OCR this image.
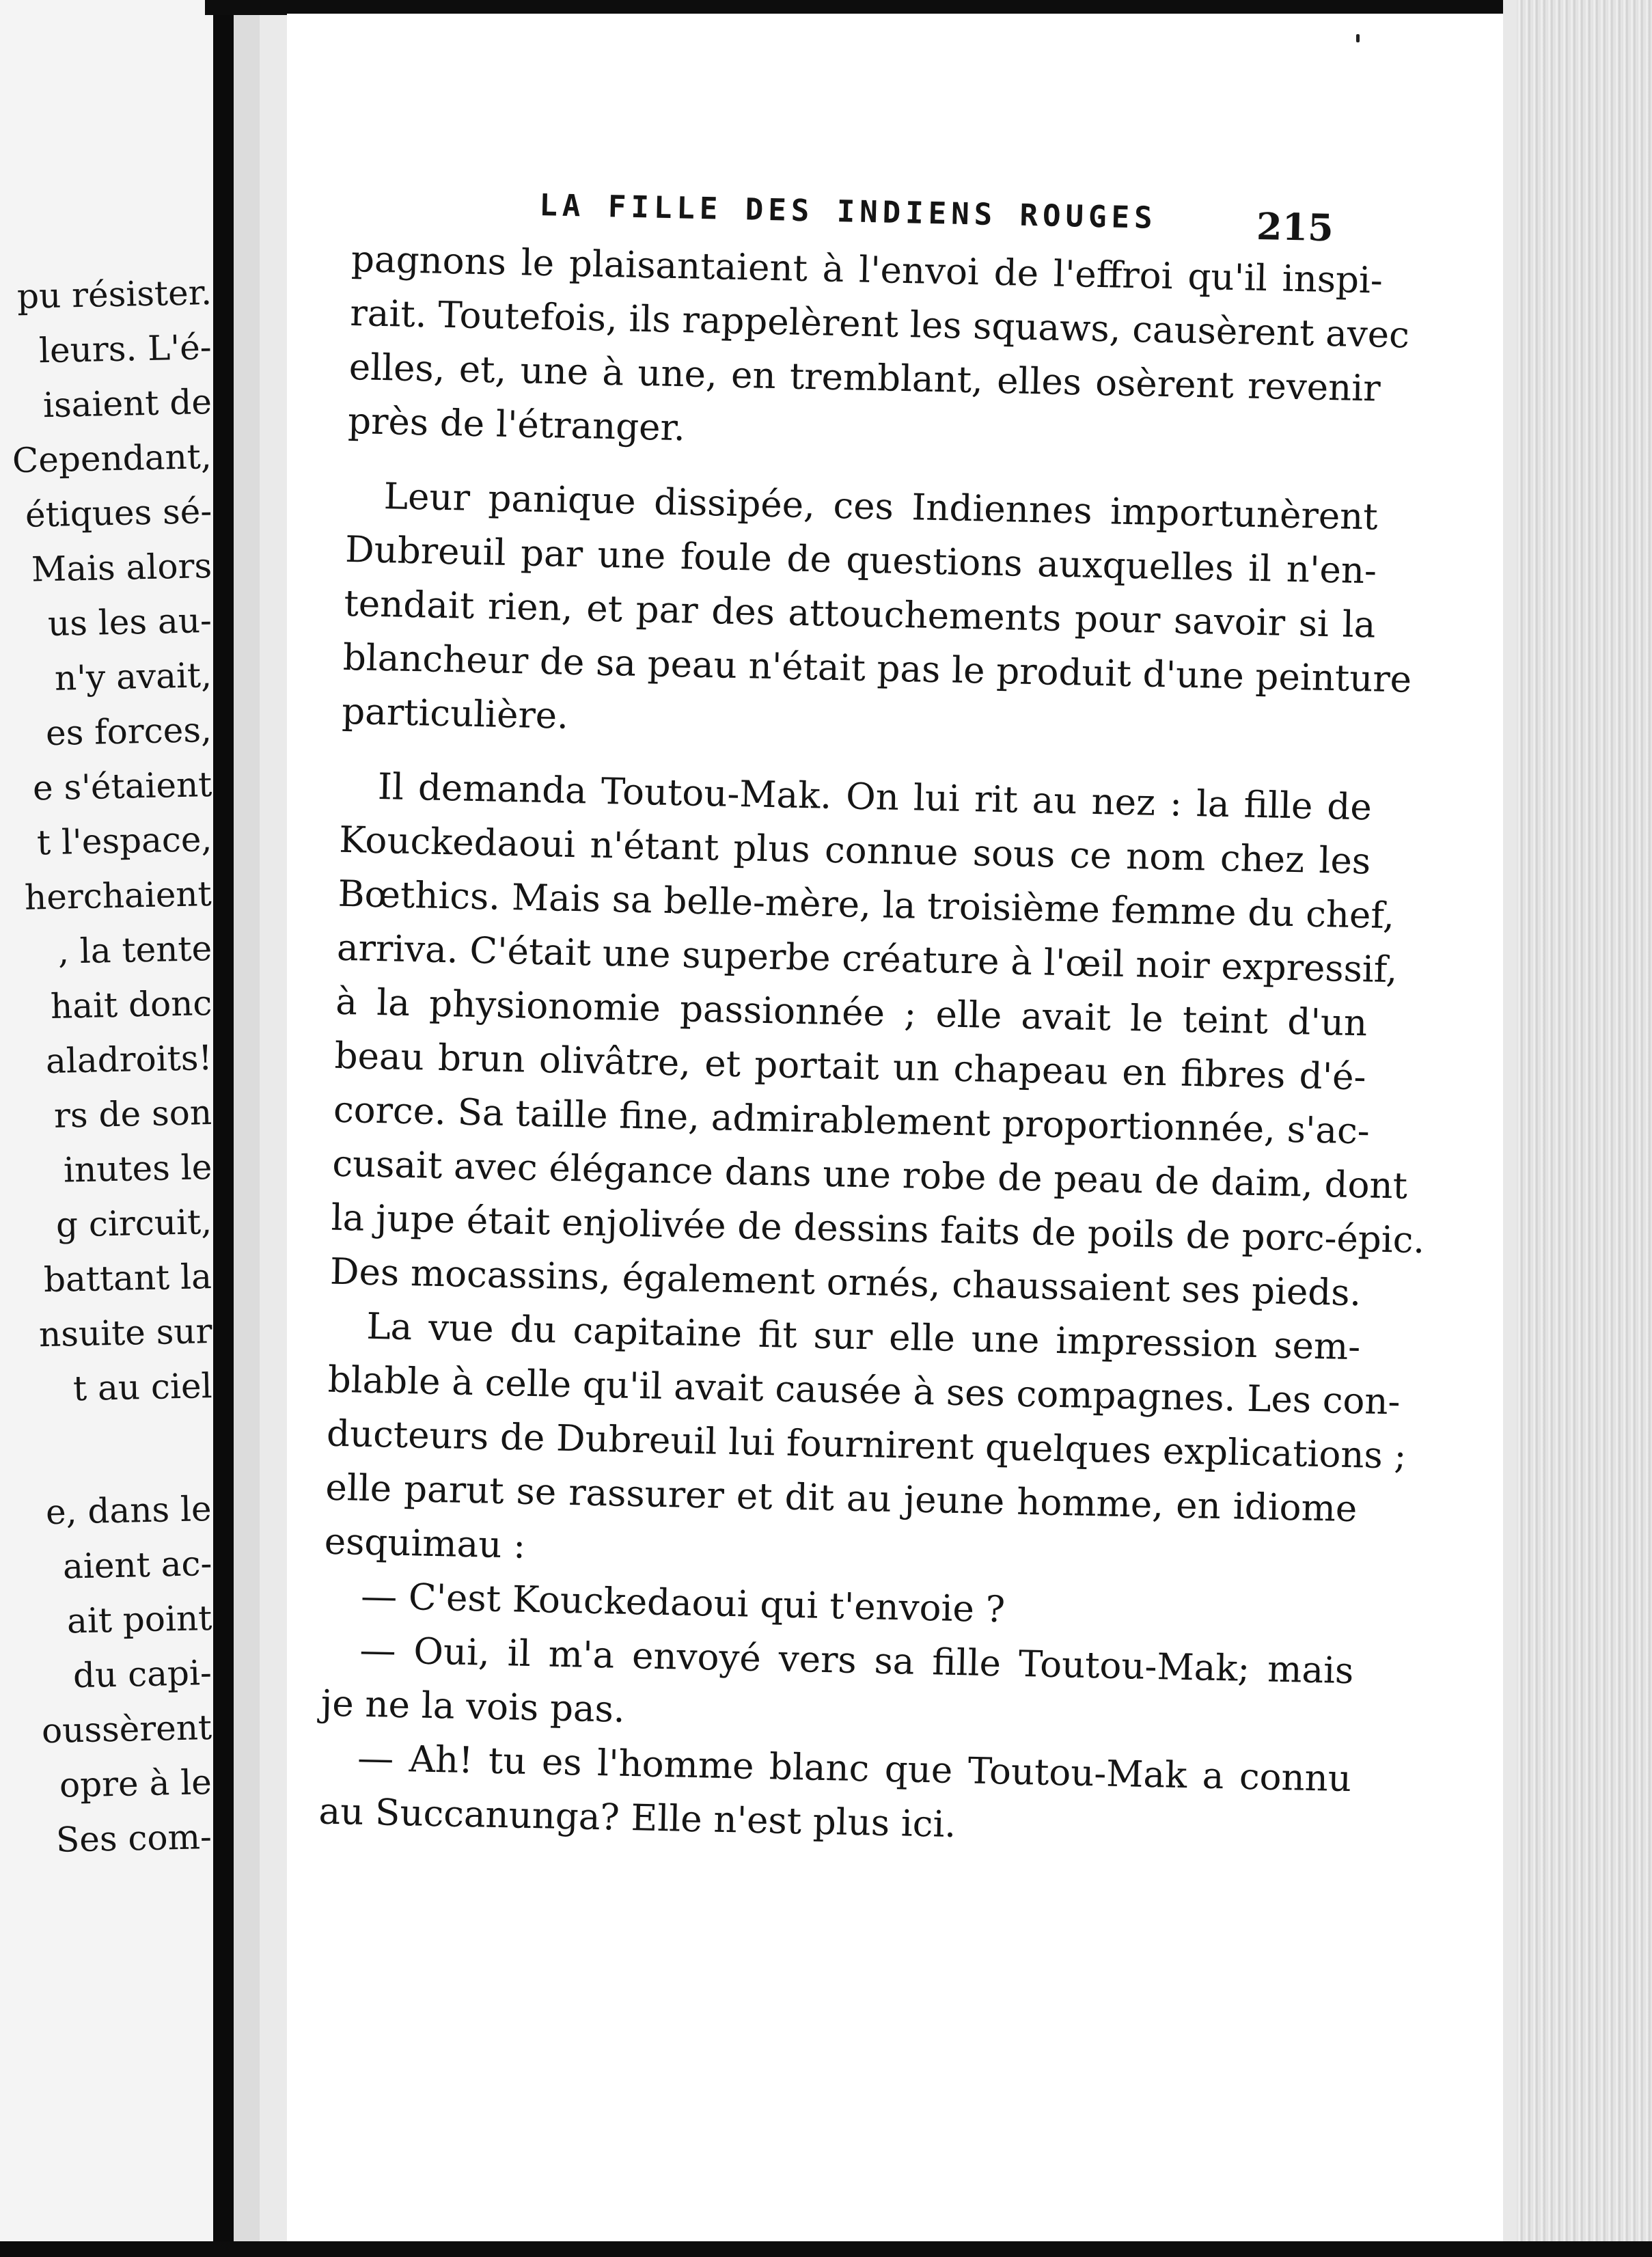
pu résister.
leurs. L'é-
isaient de
Cependant,
étiques sé-
Mais alors
us les au-
n'y avait,
es forces,
e s'étaient
t l'espace,
herchaient
, la tente
hait donc
aladroits!
rs de son
inutes le
g circuit,
battant la
nsuite sur
t au ciel
e, dans le
aient ac-
ait point
du capi-
oussèrent
opre à le
Ses com-
LA FILLE DES INDIENS ROUGES	215
pagnons le plaisantaient à l'envoi de l'effroi qu'il inspi-
rait. Toutefois, ils rappelèrent les squaws, causèrent avec
elles, et, une à une, en tremblant, elles osèrent revenir
près de l'étranger.
Leur panique dissipée, ces Indiennes importunèrent
Dubreuil par une foule de questions auxquelles il n'en-
tendait rien, et par des attouchements pour savoir si la
blancheur de sa peau n'était pas le produit d'une peinture
particulière.
Il demanda Toutou-Mak. On lui rit au nez : la fille de
Kouckedaoui n'étant plus connue sous ce nom chez les
Bœthics. Mais sa belle-mère, la troisième femme du chef,
arriva. C'était une superbe créature à l'œil noir expressif,
à la physionomie passionnée ; elle avait le teint d'un
beau brun olivâtre, et portait un chapeau en fibres d'é-
corce. Sa taille fine, admirablement proportionnée, s'ac-
cusait avec élégance dans une robe de peau de daim, dont
la jupe était enjolivée de dessins faits de poils de porc-épic.
Des mocassins, également ornés, chaussaient ses pieds.
La vue du capitaine fit sur elle une impression sem-
blable à celle qu'il avait causée à ses compagnes. Les con-
ducteurs de Dubreuil lui fournirent quelques explications ;
elle parut se rassurer et dit au jeune homme, en idiome
esquimau :
— C'est Kouckedaoui qui t'envoie ?
— Oui, il m'a envoyé vers sa fille Toutou-Mak; mais
je ne la vois pas.
— Ah! tu es l'homme blanc que Toutou-Mak a connu
au Succanunga? Elle n'est plus ici.
